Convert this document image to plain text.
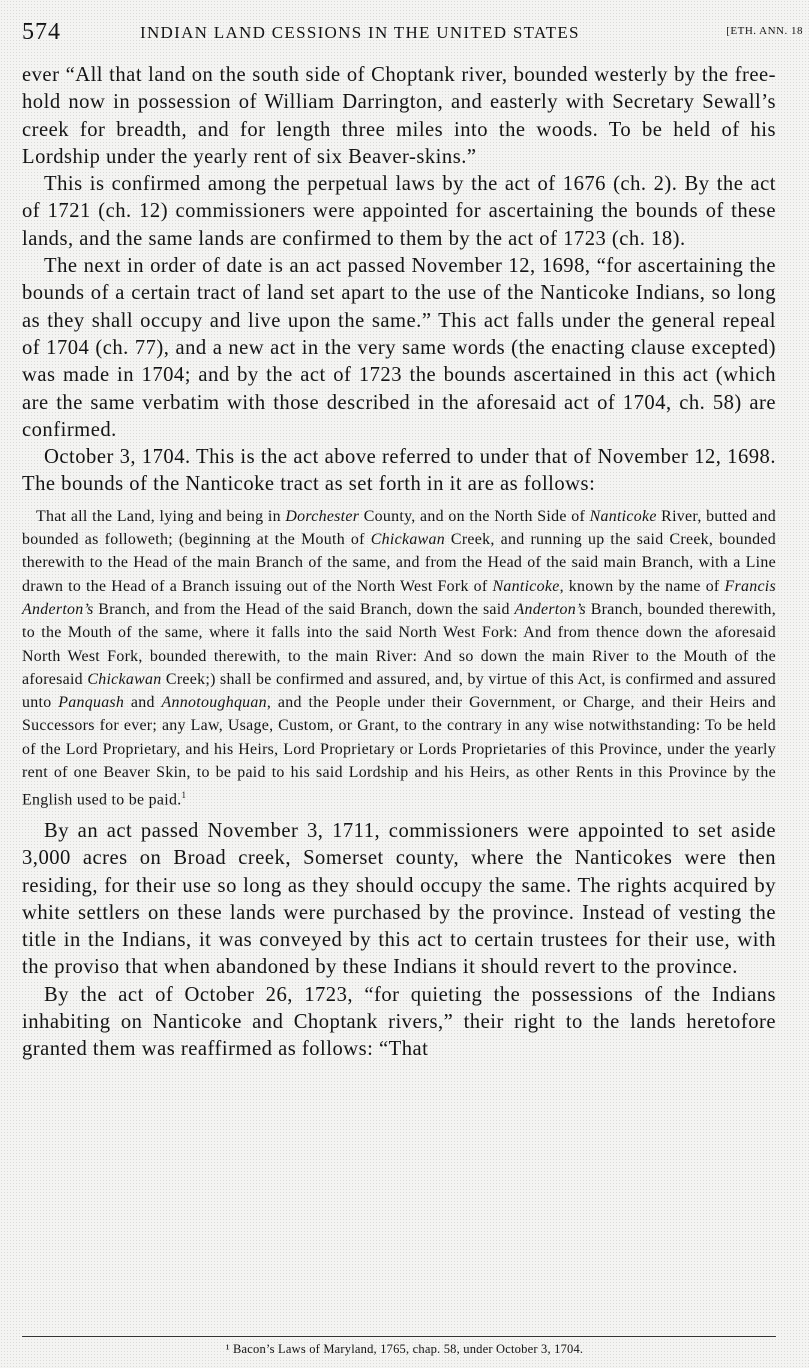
574	INDIAN LAND CESSIONS IN THE UNITED STATES	[ETH. ANN. 18

ever “All that land on the south side of Choptank river, bounded westerly by the free-hold now in possession of William Darrington, and easterly with Secretary Sewall’s creek for breadth, and for length three miles into the woods. To be held of his Lordship under the yearly rent of six Beaver-skins.”

This is confirmed among the perpetual laws by the act of 1676 (ch. 2). By the act of 1721 (ch. 12) commissioners were appointed for ascertaining the bounds of these lands, and the same lands are confirmed to them by the act of 1723 (ch. 18).

The next in order of date is an act passed November 12, 1698, “for ascertaining the bounds of a certain tract of land set apart to the use of the Nanticoke Indians, so long as they shall occupy and live upon the same.” This act falls under the general repeal of 1704 (ch. 77), and a new act in the very same words (the enacting clause excepted) was made in 1704; and by the act of 1723 the bounds ascertained in this act (which are the same verbatim with those described in the aforesaid act of 1704, ch. 58) are confirmed.

October 3, 1704. This is the act above referred to under that of November 12, 1698. The bounds of the Nanticoke tract as set forth in it are as follows:

That all the Land, lying and being in Dorchester County, and on the North Side of Nanticoke River, butted and bounded as followeth; (beginning at the Mouth of Chickawan Creek, and running up the said Creek, bounded therewith to the Head of the main Branch of the same, and from the Head of the said main Branch, with a Line drawn to the Head of a Branch issuing out of the North West Fork of Nanticoke, known by the name of Francis Anderton’s Branch, and from the Head of the said Branch, down the said Anderton’s Branch, bounded therewith, to the Mouth of the same, where it falls into the said North West Fork: And from thence down the aforesaid North West Fork, bounded therewith, to the main River: And so down the main River to the Mouth of the aforesaid Chickawan Creek;) shall be confirmed and assured, and, by virtue of this Act, is confirmed and assured unto Panquash and Annotoughquan, and the People under their Government, or Charge, and their Heirs and Successors for ever; any Law, Usage, Custom, or Grant, to the contrary in any wise notwithstanding: To be held of the Lord Proprietary, and his Heirs, Lord Proprietary or Lords Proprietaries of this Province, under the yearly rent of one Beaver Skin, to be paid to his said Lordship and his Heirs, as other Rents in this Province by the English used to be paid.$^1$

By an act passed November 3, 1711, commissioners were appointed to set aside 3,000 acres on Broad creek, Somerset county, where the Nanticokes were then residing, for their use so long as they should occupy the same. The rights acquired by white settlers on these lands were purchased by the province. Instead of vesting the title in the Indians, it was conveyed by this act to certain trustees for their use, with the proviso that when abandoned by these Indians it should revert to the province.

By the act of October 26, 1723, “for quieting the possessions of the Indians inhabiting on Nanticoke and Choptank rivers,” their right to the lands heretofore granted them was reaffirmed as follows: “That

¹ Bacon’s Laws of Maryland, 1765, chap. 58, under October 3, 1704.
